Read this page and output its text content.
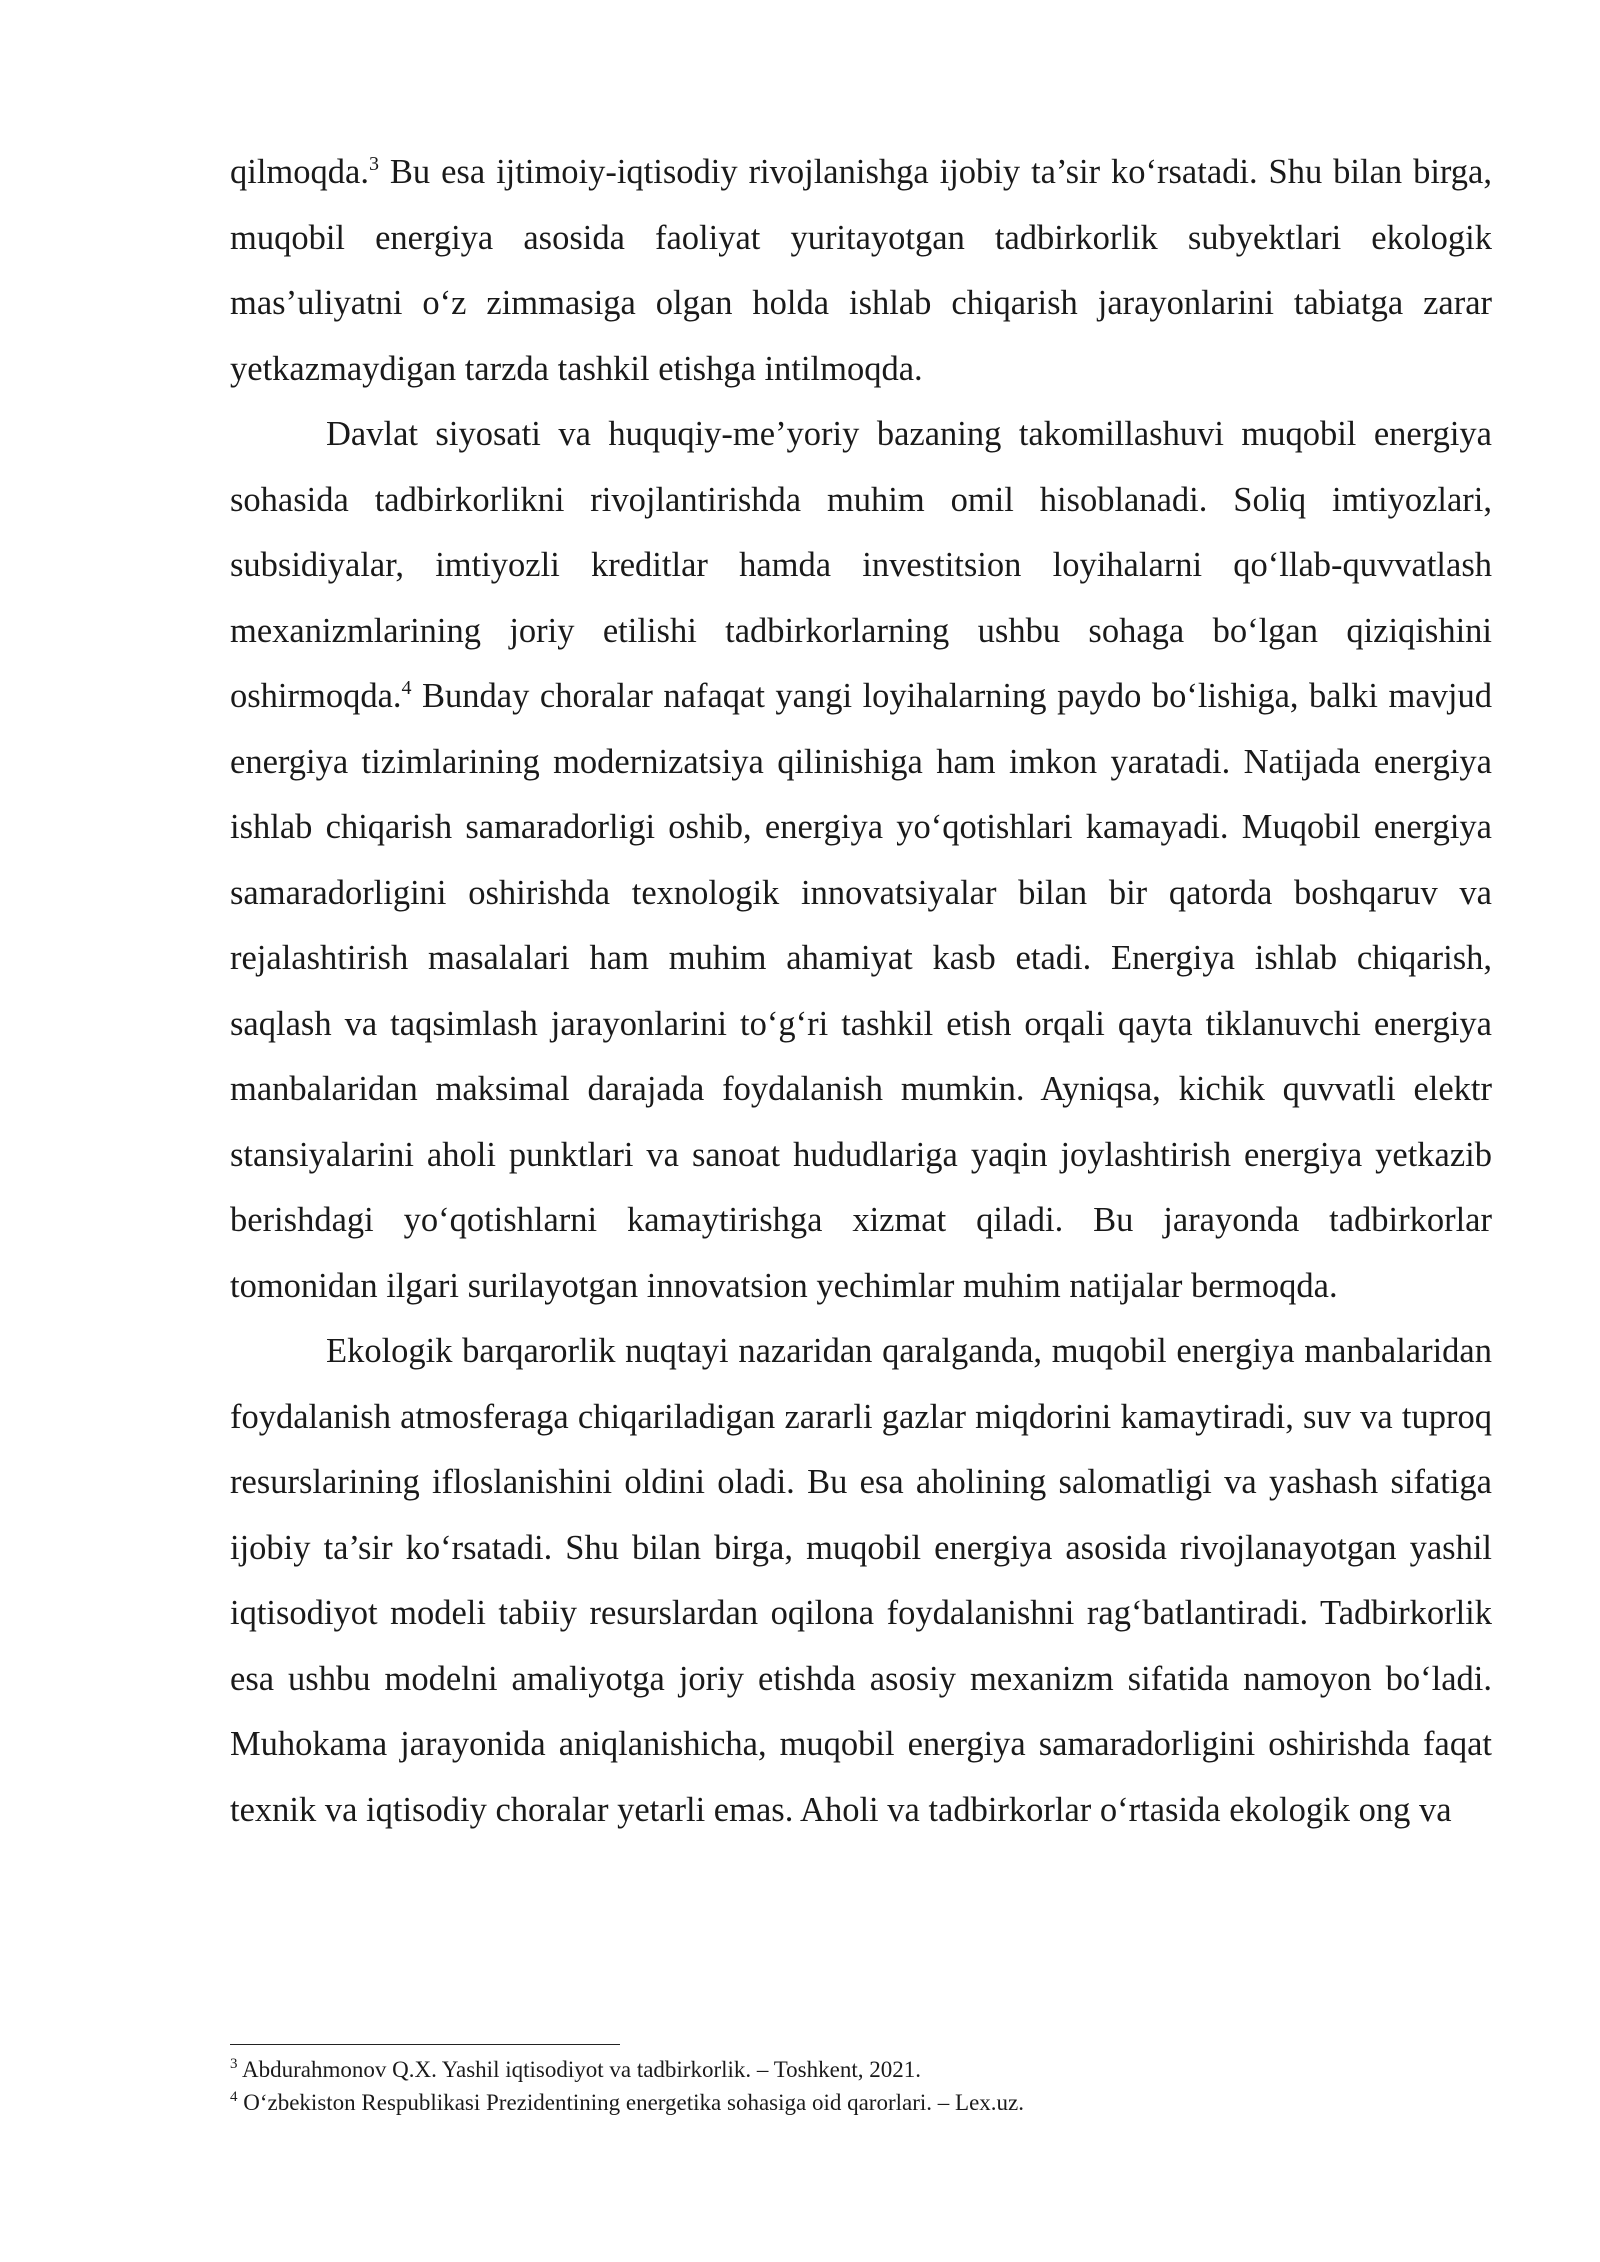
qilmoqda.$^3$ Bu esa ijtimoiy-iqtisodiy rivojlanishga ijobiy ta’sir ko‘rsatadi. Shu bilan birga, muqobil energiya asosida faoliyat yuritayotgan tadbirkorlik subyektlari ekologik mas’uliyatni o‘z zimmasiga olgan holda ishlab chiqarish jarayonlarini tabiatga zarar yetkazmaydigan tarzda tashkil etishga intilmoqda.

Davlat siyosati va huquqiy-me’yoriy bazaning takomillashuvi muqobil energiya sohasida tadbirkorlikni rivojlantirishda muhim omil hisoblanadi. Soliq imtiyozlari, subsidiyalar, imtiyozli kreditlar hamda investitsion loyihalarni qo‘llab-quvvatlash mexanizmlarining joriy etilishi tadbirkorlarning ushbu sohaga bo‘lgan qiziqishini oshirmoqda.$^4$ Bunday choralar nafaqat yangi loyihalarning paydo bo‘lishiga, balki mavjud energiya tizimlarining modernizatsiya qilinishiga ham imkon yaratadi. Natijada energiya ishlab chiqarish samaradorligi oshib, energiya yo‘qotishlari kamayadi. Muqobil energiya samaradorligini oshirishda texnologik innovatsiyalar bilan bir qatorda boshqaruv va rejalashtirish masalalari ham muhim ahamiyat kasb etadi. Energiya ishlab chiqarish, saqlash va taqsimlash jarayonlarini to‘g‘ri tashkil etish orqali qayta tiklanuvchi energiya manbalaridan maksimal darajada foydalanish mumkin. Ayniqsa, kichik quvvatli elektr stansiyalarini aholi punktlari va sanoat hududlariga yaqin joylashtirish energiya yetkazib berishdagi yo‘qotishlarni kamaytirishga xizmat qiladi. Bu jarayonda tadbirkorlar tomonidan ilgari surilayotgan innovatsion yechimlar muhim natijalar bermoqda.

Ekologik barqarorlik nuqtayi nazaridan qaralganda, muqobil energiya manbalaridan foydalanish atmosferaga chiqariladigan zararli gazlar miqdorini kamaytiradi, suv va tuproq resurslarining ifloslanishini oldini oladi. Bu esa aholining salomatligi va yashash sifatiga ijobiy ta’sir ko‘rsatadi. Shu bilan birga, muqobil energiya asosida rivojlanayotgan yashil iqtisodiyot modeli tabiiy resurslardan oqilona foydalanishni rag‘batlantiradi. Tadbirkorlik esa ushbu modelni amaliyotga joriy etishda asosiy mexanizm sifatida namoyon bo‘ladi. Muhokama jarayonida aniqlanishicha, muqobil energiya samaradorligini oshirishda faqat texnik va iqtisodiy choralar yetarli emas. Aholi va tadbirkorlar o‘rtasida ekologik ong va

$^3$ Abdurahmonov Q.X. Yashil iqtisodiyot va tadbirkorlik. – Toshkent, 2021.

$^4$ O‘zbekiston Respublikasi Prezidentining energetika sohasiga oid qarorlari. – Lex.uz.
